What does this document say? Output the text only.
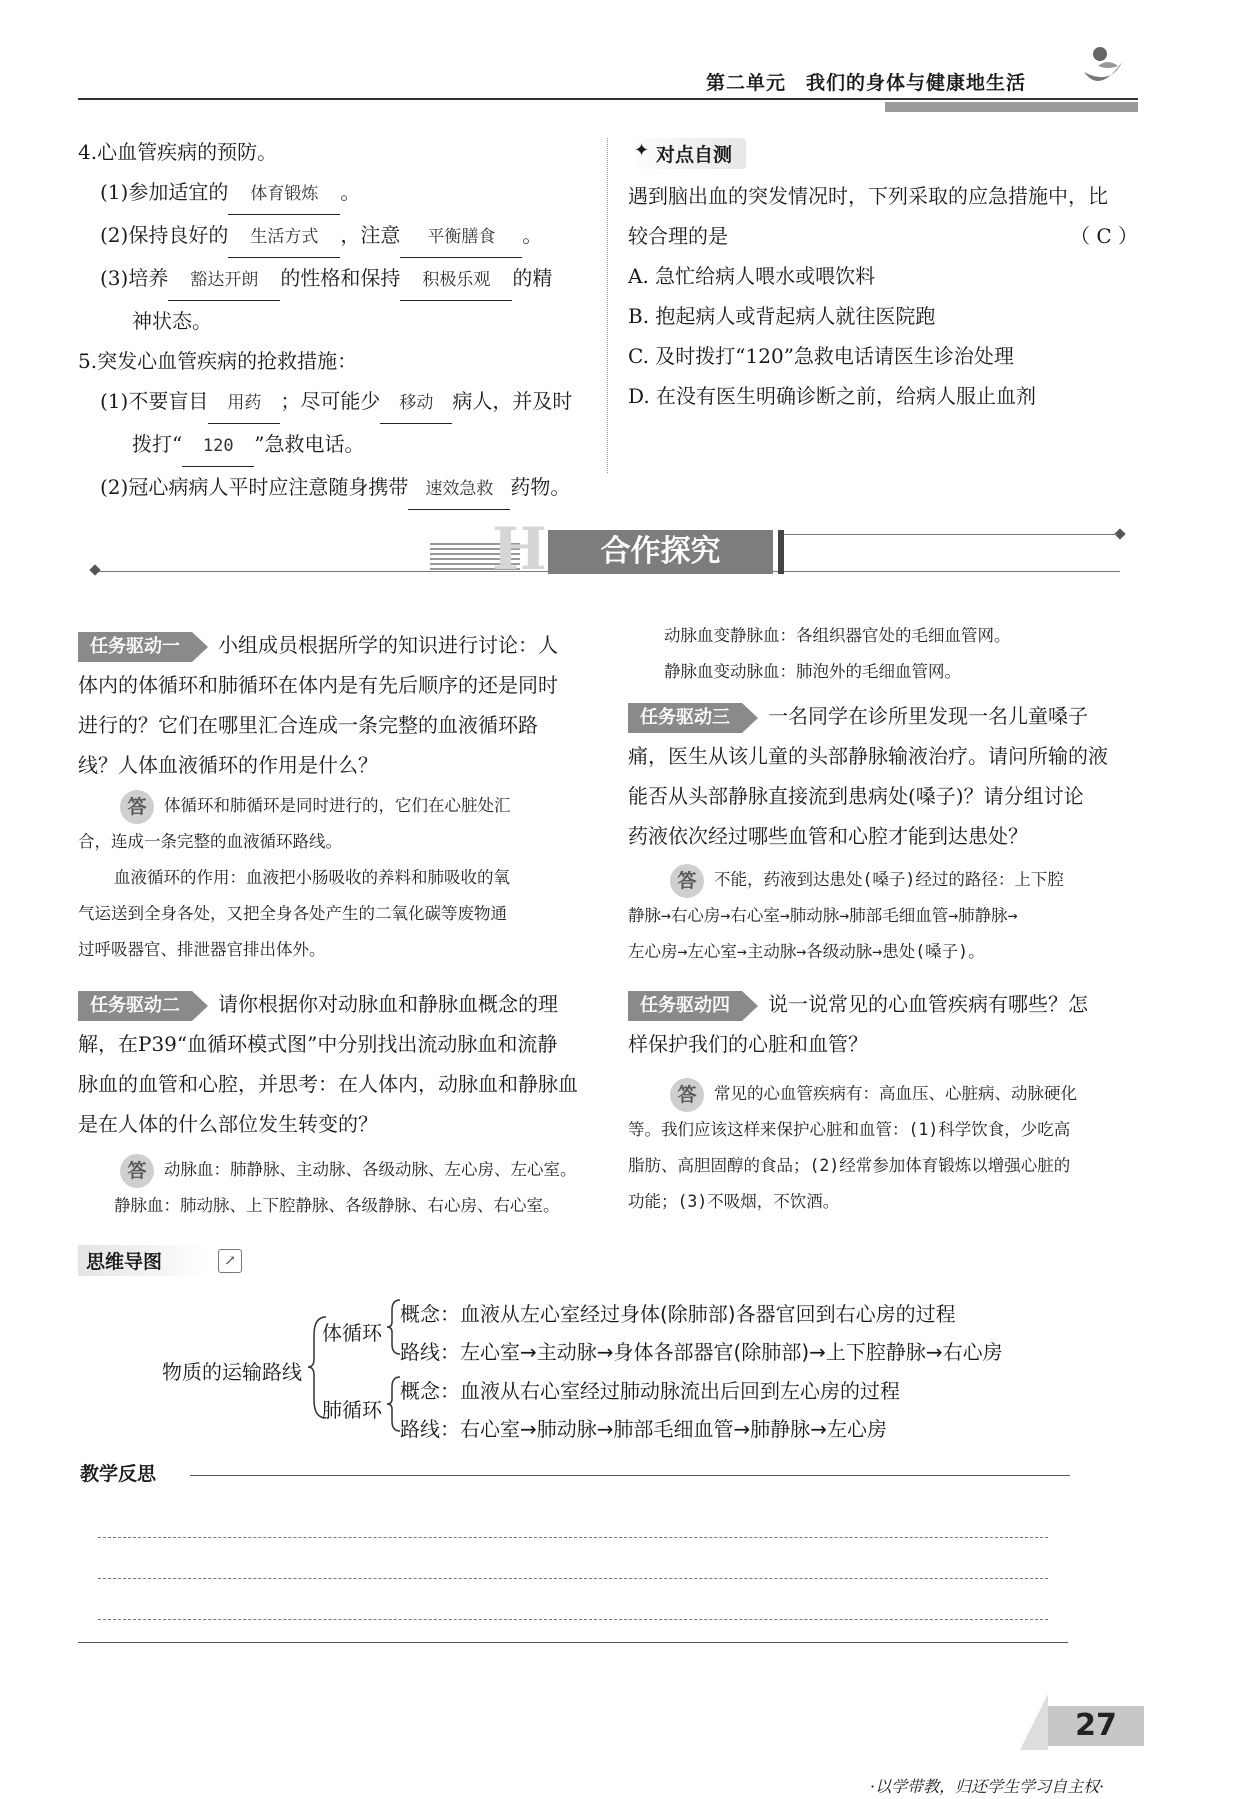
第二单元　我们的身体与健康地生活
4.心血管疾病的预防。
(1)参加适宜的 体育锻炼 。
(2)保持良好的 生活方式 ，注意 平衡膳食 。
(3)培养 豁达开朗 的性格和保持 积极乐观 的精
神状态。
5.突发心血管疾病的抢救措施：
(1)不要盲目 用药 ；尽可能少 移动 病人，并及时
拨打“ 120 ”急救电话。
(2)冠心病病人平时应注意随身携带 速效急救 药物。
✦ 对点自测
遇到脑出血的突发情况时，下列采取的应急措施中，比
较合理的是	（ C ）
A. 急忙给病人喂水或喂饮料
B. 抱起病人或背起病人就往医院跑
C. 及时拨打“120”急救电话请医生诊治处理
D. 在没有医生明确诊断之前，给病人服止血剂
H	合作探究
任务驱动一 小组成员根据所学的知识进行讨论：人
体内的体循环和肺循环在体内是有先后顺序的还是同时
进行的？它们在哪里汇合连成一条完整的血液循环路
线？人体血液循环的作用是什么？
答 体循环和肺循环是同时进行的，它们在心脏处汇
合，连成一条完整的血液循环路线。
血液循环的作用：血液把小肠吸收的养料和肺吸收的氧
气运送到全身各处，又把全身各处产生的二氧化碳等废物通
过呼吸器官、排泄器官排出体外。
任务驱动二 请你根据你对动脉血和静脉血概念的理
解，在P39“血循环模式图”中分别找出流动脉血和流静
脉血的血管和心腔，并思考：在人体内，动脉血和静脉血
是在人体的什么部位发生转变的？
答 动脉血：肺静脉、主动脉、各级动脉、左心房、左心室。
静脉血：肺动脉、上下腔静脉、各级静脉、右心房、右心室。
动脉血变静脉血：各组织器官处的毛细血管网。
静脉血变动脉血：肺泡外的毛细血管网。
任务驱动三 一名同学在诊所里发现一名儿童嗓子
痛，医生从该儿童的头部静脉输液治疗。请问所输的液
能否从头部静脉直接流到患病处(嗓子)？请分组讨论
药液依次经过哪些血管和心腔才能到达患处？
答 不能，药液到达患处(嗓子)经过的路径：上下腔
静脉→右心房→右心室→肺动脉→肺部毛细血管→肺静脉→
左心房→左心室→主动脉→各级动脉→患处(嗓子)。
任务驱动四 说一说常见的心血管疾病有哪些？怎
样保护我们的心脏和血管？
答 常见的心血管疾病有：高血压、心脏病、动脉硬化
等。我们应该这样来保护心脏和血管：(1)科学饮食，少吃高
脂肪、高胆固醇的食品；(2)经常参加体育锻炼以增强心脏的
功能；(3)不吸烟，不饮酒。
思维导图	↗
物质的运输路线
体循环
肺循环
概念：血液从左心室经过身体(除肺部)各器官回到右心房的过程
路线：左心室→主动脉→身体各部器官(除肺部)→上下腔静脉→右心房
概念：血液从右心室经过肺动脉流出后回到左心房的过程
路线：右心室→肺动脉→肺部毛细血管→肺静脉→左心房
教学反思
27
·以学带教，归还学生学习自主权·
